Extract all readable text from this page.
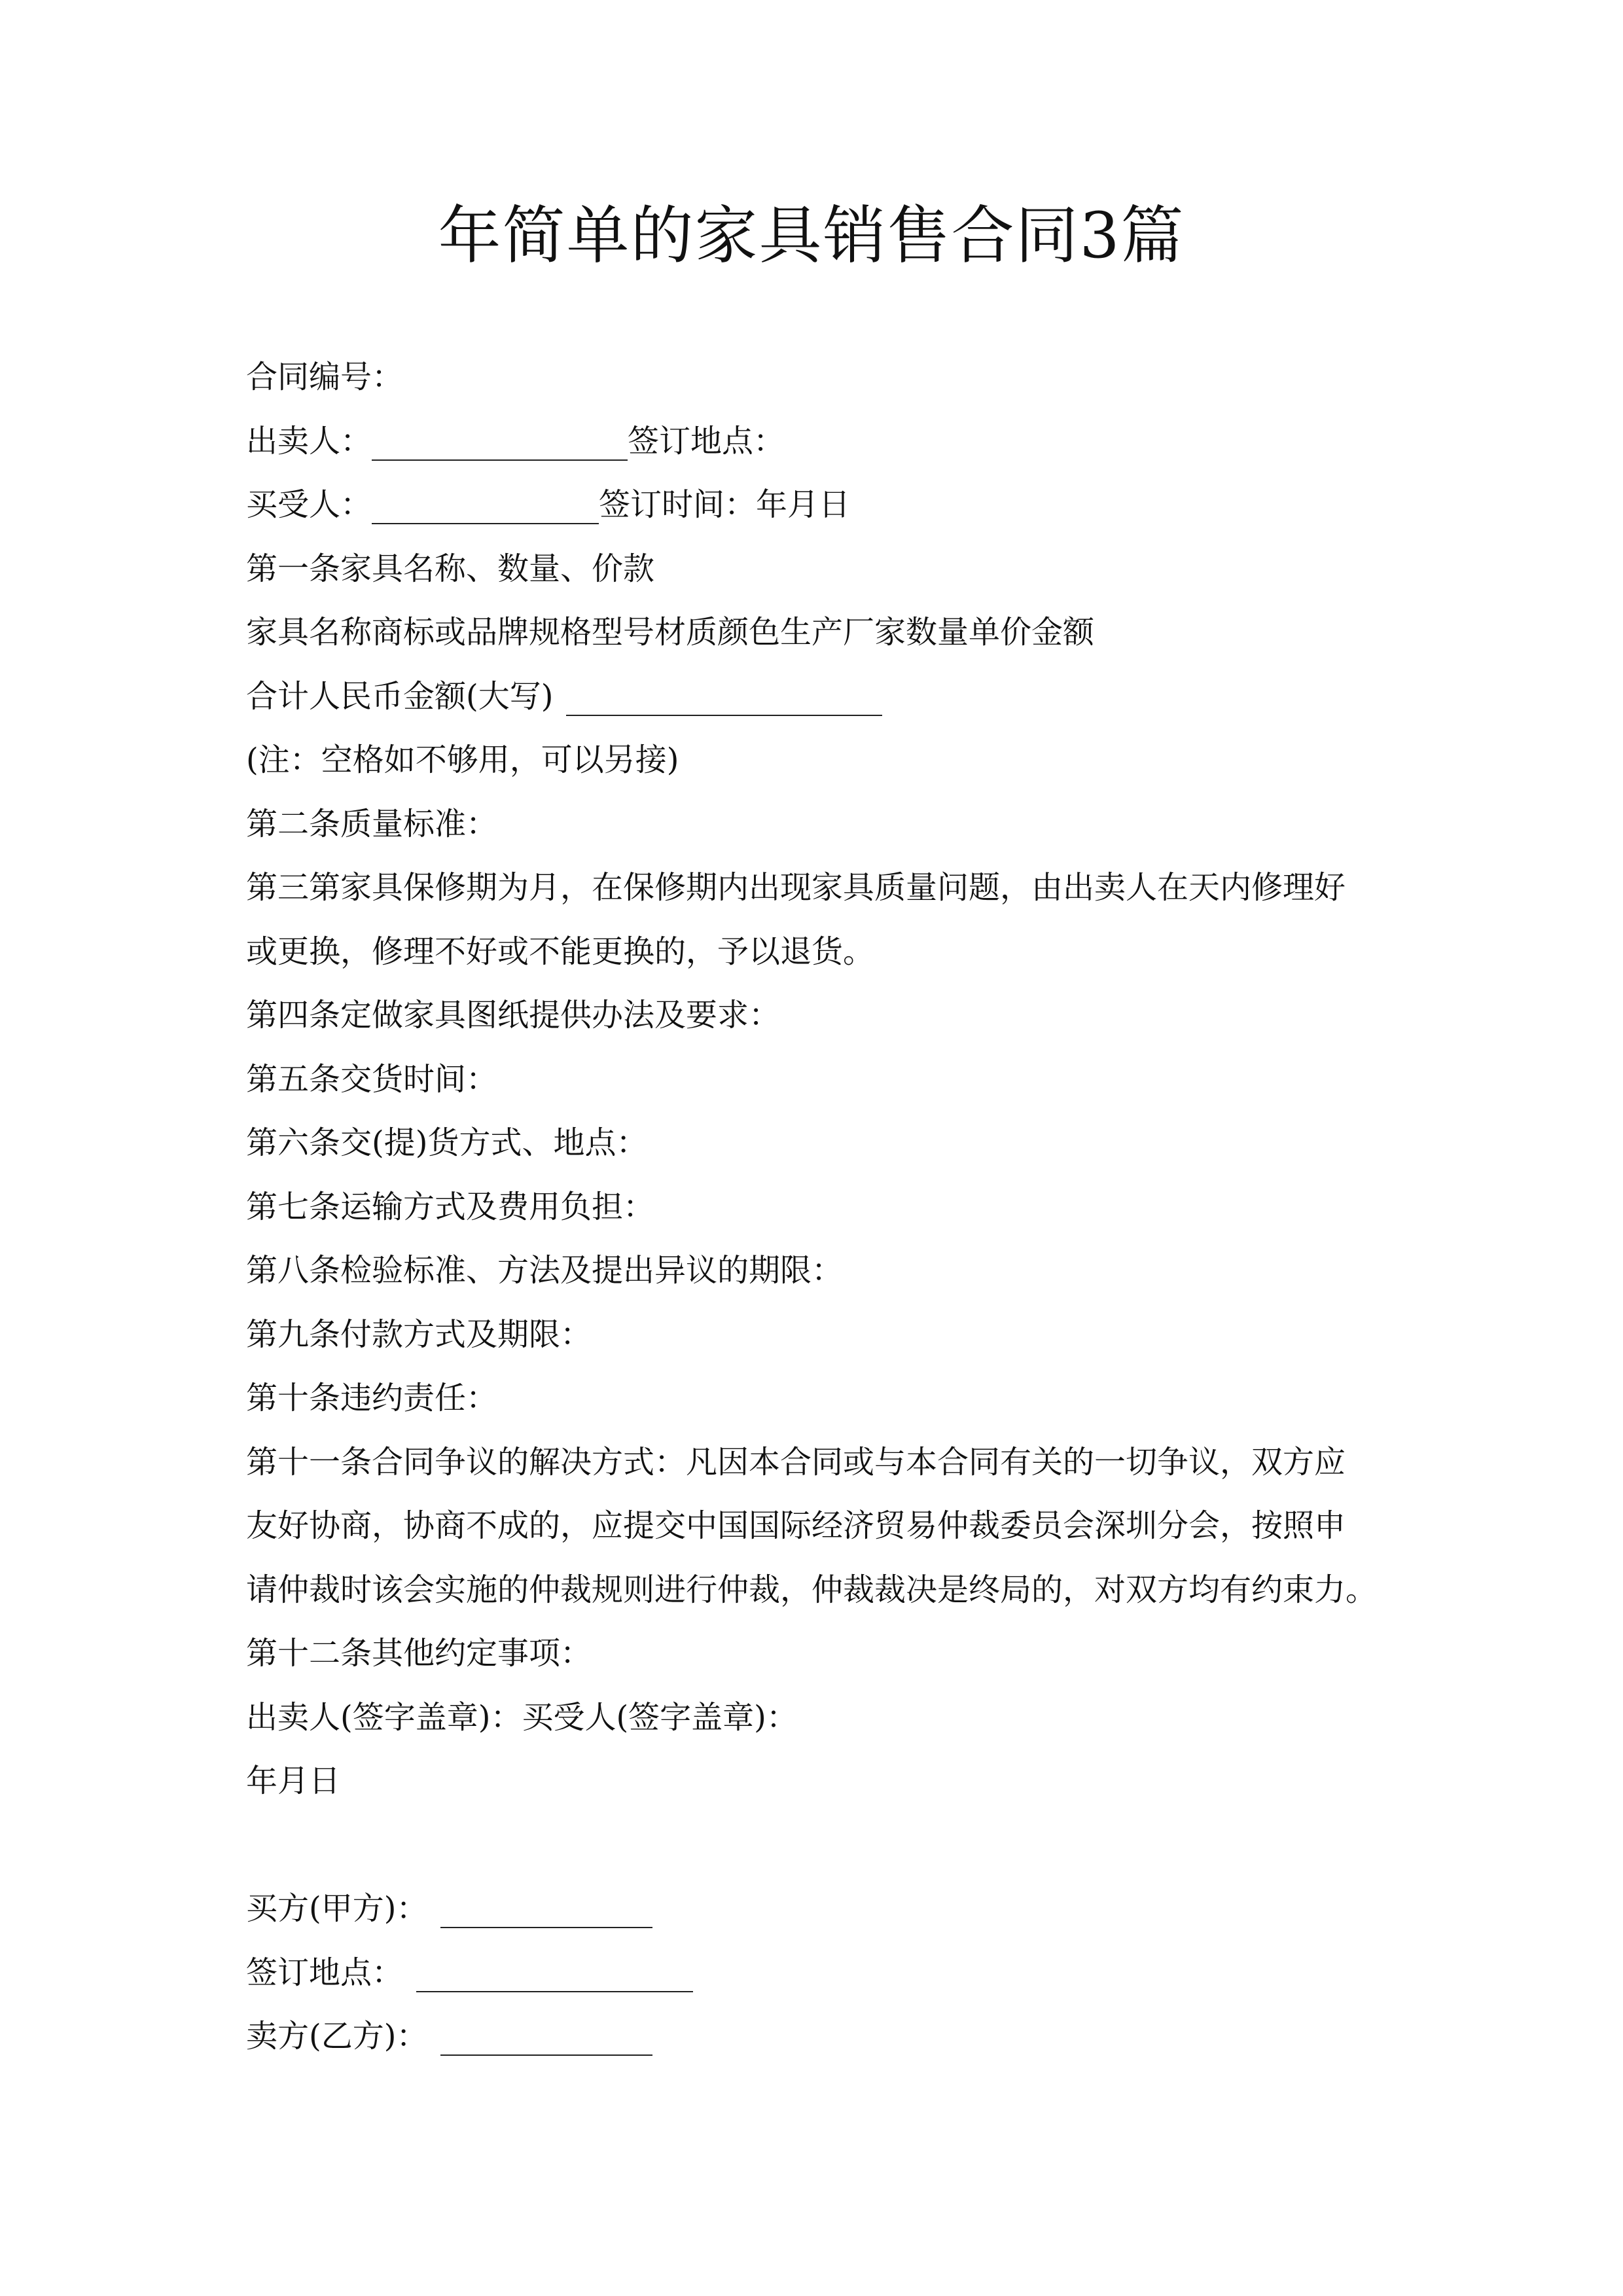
年简单的家具销售合同3篇
合同编号：
出卖人：	签订地点：
买受人：	签订时间：年月日
第一条家具名称、数量、价款
家具名称商标或品牌规格型号材质颜色生产厂家数量单价金额
合计人民币金额(大写)
(注：空格如不够用，可以另接)
第二条质量标准：
第三第家具保修期为月，在保修期内出现家具质量问题，由出卖人在天内修理好
或更换，修理不好或不能更换的，予以退货。
第四条定做家具图纸提供办法及要求：
第五条交货时间：
第六条交(提)货方式、地点：
第七条运输方式及费用负担：
第八条检验标准、方法及提出异议的期限：
第九条付款方式及期限：
第十条违约责任：
第十一条合同争议的解决方式：凡因本合同或与本合同有关的一切争议，双方应
友好协商，协商不成的，应提交中国国际经济贸易仲裁委员会深圳分会，按照申
请仲裁时该会实施的仲裁规则进行仲裁，仲裁裁决是终局的，对双方均有约束力。
第十二条其他约定事项：
出卖人(签字盖章)：买受人(签字盖章)：
年月日
买方(甲方)：
签订地点：
卖方(乙方)：
